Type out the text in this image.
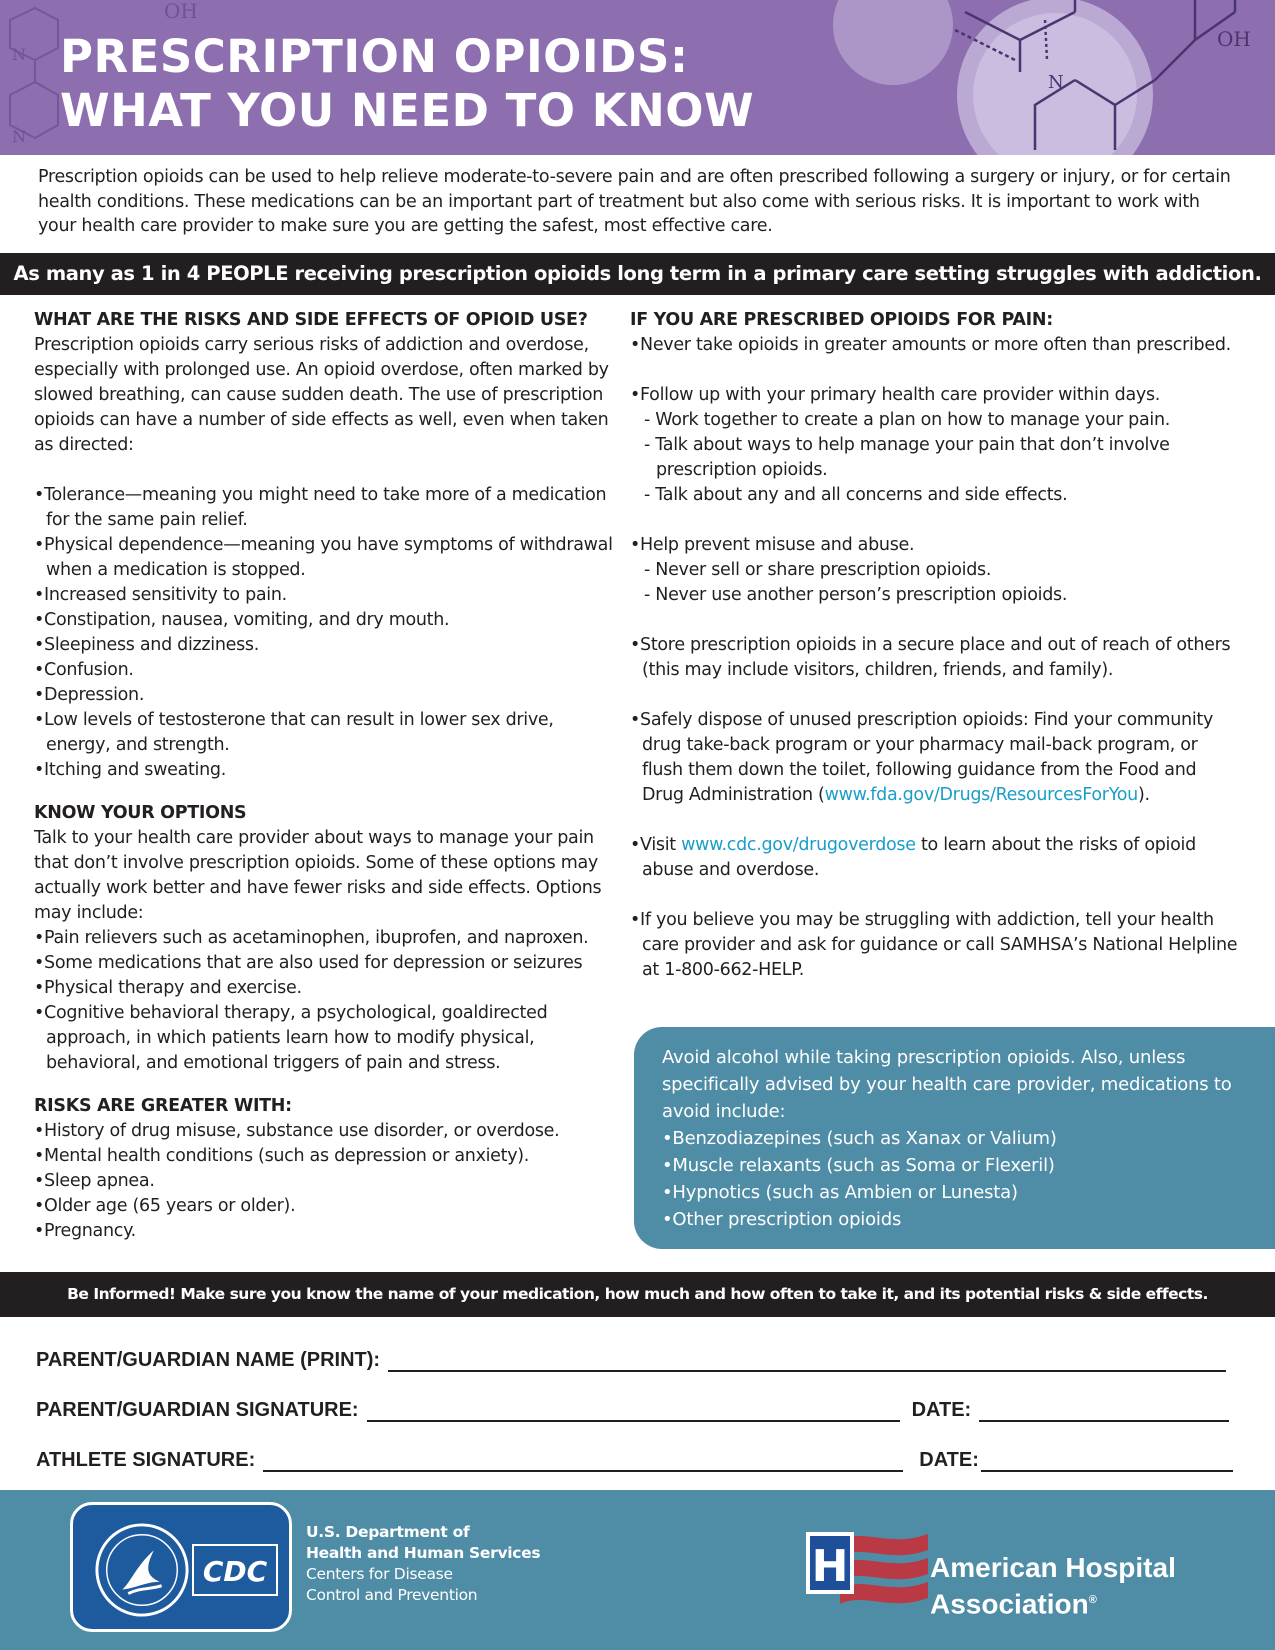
N
N
OH
N
OH
PRESCRIPTION OPIOIDS:
WHAT YOU NEED TO KNOW
Prescription opioids can be used to help relieve moderate-to-severe pain and are often prescribed following a surgery or injury, or for certain health conditions. These medications can be an important part of treatment but also come with serious risks. It is important to work with your health care provider to make sure you are getting the safest, most effective care.
As many as 1 in 4 PEOPLE receiving prescription opioids long term in a primary care setting struggles with addiction.
WHAT ARE THE RISKS AND SIDE EFFECTS OF OPIOID USE?
Prescription opioids carry serious risks of addiction and overdose, especially with prolonged use. An opioid overdose, often marked by slowed breathing, can cause sudden death. The use of prescription opioids can have a number of side effects as well, even when taken as directed:
• Tolerance—meaning you might need to take more of a medication for the same pain relief.
• Physical dependence—meaning you have symptoms of withdrawal when a medication is stopped.
• Increased sensitivity to pain.
• Constipation, nausea, vomiting, and dry mouth.
• Sleepiness and dizziness.
• Confusion.
• Depression.
• Low levels of testosterone that can result in lower sex drive, energy, and strength.
• Itching and sweating.
KNOW YOUR OPTIONS
Talk to your health care provider about ways to manage your pain that don’t involve prescription opioids. Some of these options may actually work better and have fewer risks and side effects. Options may include:
• Pain relievers such as acetaminophen, ibuprofen, and naproxen.
• Some medications that are also used for depression or seizures
• Physical therapy and exercise.
• Cognitive behavioral therapy, a psychological, goaldirected approach, in which patients learn how to modify physical, behavioral, and emotional triggers of pain and stress.
RISKS ARE GREATER WITH:
• History of drug misuse, substance use disorder, or overdose.
• Mental health conditions (such as depression or anxiety).
• Sleep apnea.
• Older age (65 years or older).
• Pregnancy.
IF YOU ARE PRESCRIBED OPIOIDS FOR PAIN:
• Never take opioids in greater amounts or more often than prescribed.
• Follow up with your primary health care provider within days.
- Work together to create a plan on how to manage your pain.
- Talk about ways to help manage your pain that don’t involve prescription opioids.
- Talk about any and all concerns and side effects.
• Help prevent misuse and abuse.
- Never sell or share prescription opioids.
- Never use another person’s prescription opioids.
• Store prescription opioids in a secure place and out of reach of others (this may include visitors, children, friends, and family).
• Safely dispose of unused prescription opioids: Find your community drug take-back program or your pharmacy mail-back program, or flush them down the toilet, following guidance from the Food and Drug Administration (www.fda.gov/Drugs/ResourcesForYou).
• Visit www.cdc.gov/drugoverdose to learn about the risks of opioid abuse and overdose.
• If you believe you may be struggling with addiction, tell your health care provider and ask for guidance or call SAMHSA’s National Helpline at 1-800-662-HELP.
Avoid alcohol while taking prescription opioids. Also, unless specifically advised by your health care provider, medications to avoid include:
• Benzodiazepines (such as Xanax or Valium)
• Muscle relaxants (such as Soma or Flexeril)
• Hypnotics (such as Ambien or Lunesta)
• Other prescription opioids
Be Informed! Make sure you know the name of your medication, how much and how often to take it, and its potential risks & side effects.
PARENT/GUARDIAN NAME (PRINT):
PARENT/GUARDIAN SIGNATURE:	DATE:
ATHLETE SIGNATURE:	DATE:
CDC
U.S. Department of
Health and Human Services
Centers for Disease
Control and Prevention
H	American Hospital
Association®
